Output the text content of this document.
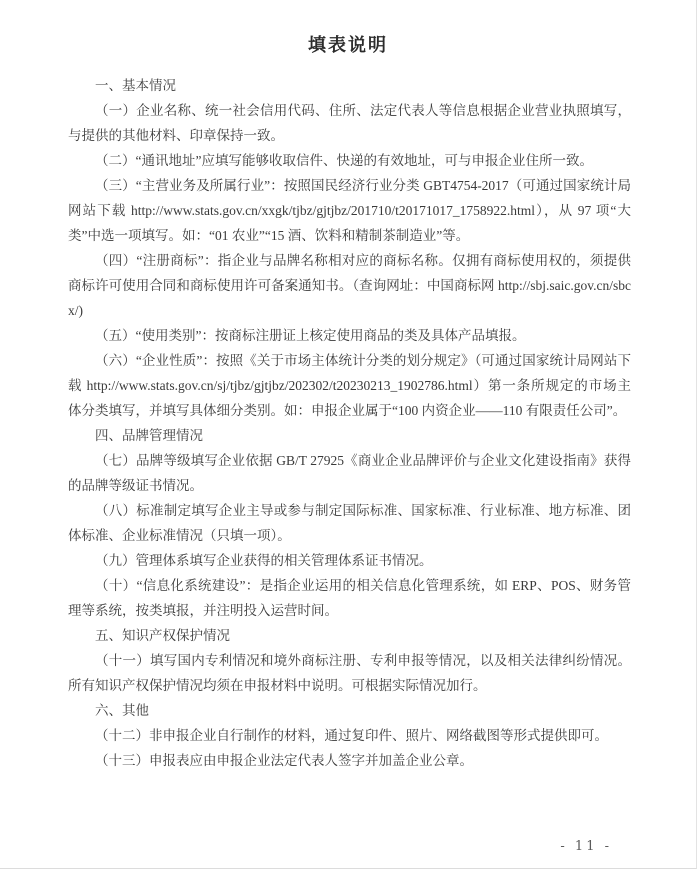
填表说明

一、基本情况

（一）企业名称、统一社会信用代码、住所、法定代表人等信息根据企业营业执照填写，与提供的其他材料、印章保持一致。

（二）“通讯地址”应填写能够收取信件、快递的有效地址，可与申报企业住所一致。

（三）“主营业务及所属行业”：按照国民经济行业分类 GBT4754-2017（可通过国家统计局网站下载 http://www.stats.gov.cn/xxgk/tjbz/gjtjbz/201710/t20171017_1758922.html），从 97 项“大类”中选一项填写。如：“01 农业”“15 酒、饮料和精制茶制造业”等。

（四）“注册商标”：指企业与品牌名称相对应的商标名称。仅拥有商标使用权的，须提供商标许可使用合同和商标使用许可备案通知书。（查询网址：中国商标网 http://sbj.saic.gov.cn/sbcx/)

（五）“使用类别”：按商标注册证上核定使用商品的类及具体产品填报。

（六）“企业性质”：按照《关于市场主体统计分类的划分规定》（可通过国家统计局网站下载 http://www.stats.gov.cn/sj/tjbz/gjtjbz/202302/t20230213_1902786.html）第一条所规定的市场主体分类填写，并填写具体细分类别。如：申报企业属于“100 内资企业——110 有限责任公司”。

四、品牌管理情况

（七）品牌等级填写企业依据 GB/T 27925《商业企业品牌评价与企业文化建设指南》获得的品牌等级证书情况。

（八）标准制定填写企业主导或参与制定国际标准、国家标准、行业标准、地方标准、团体标准、企业标准情况（只填一项）。

（九）管理体系填写企业获得的相关管理体系证书情况。

（十）“信息化系统建设”：是指企业运用的相关信息化管理系统，如 ERP、POS、财务管理等系统，按类填报，并注明投入运营时间。

五、知识产权保护情况

（十一）填写国内专利情况和境外商标注册、专利申报等情况，以及相关法律纠纷情况。所有知识产权保护情况均须在申报材料中说明。可根据实际情况加行。

六、其他

（十二）非申报企业自行制作的材料，通过复印件、照片、网络截图等形式提供即可。

（十三）申报表应由申报企业法定代表人签字并加盖企业公章。

- 11 -
